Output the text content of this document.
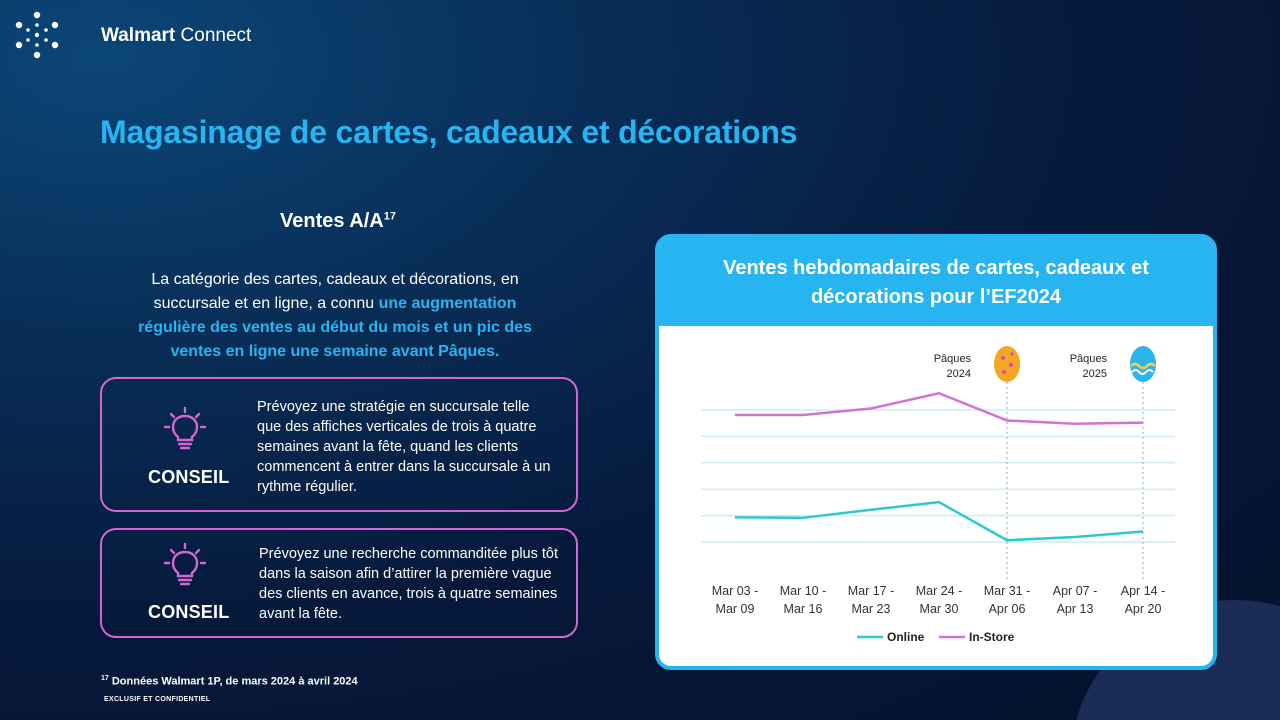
Walmart Connect
Magasinage de cartes, cadeaux et décorations
Ventes $A/A^{17}$
La catégorie des cartes, cadeaux et décorations, en succursale et en ligne, a connu une augmentation régulière des ventes au début du mois et un pic des ventes en ligne une semaine avant Pâques.
CONSEIL
Prévoyez une stratégie en succursale telle que des affiches verticales de trois à quatre semaines avant la fête, quand les clients commencent à entrer dans la succursale à un rythme régulier.
CONSEIL
Prévoyez une recherche commanditée plus tôt dans la saison afin d’attirer la première vague des clients en avance, trois à quatre semaines avant la fête.
$^{17}$ Données Walmart 1P, de mars 2024 à avril 2024
EXCLUSIF ET CONFIDENTIEL
Ventes hebdomadaires de cartes, cadeaux et
décorations pour l’EF2024
Pâques
2024
Pâques
2025
Mar 03 -
Mar 09
Mar 10 -
Mar 16
Mar 17 -
Mar 23
Mar 24 -
Mar 30
Mar 31 -
Apr 06
Apr 07 -
Apr 13
Apr 14 -
Apr 20
Online	In-Store
